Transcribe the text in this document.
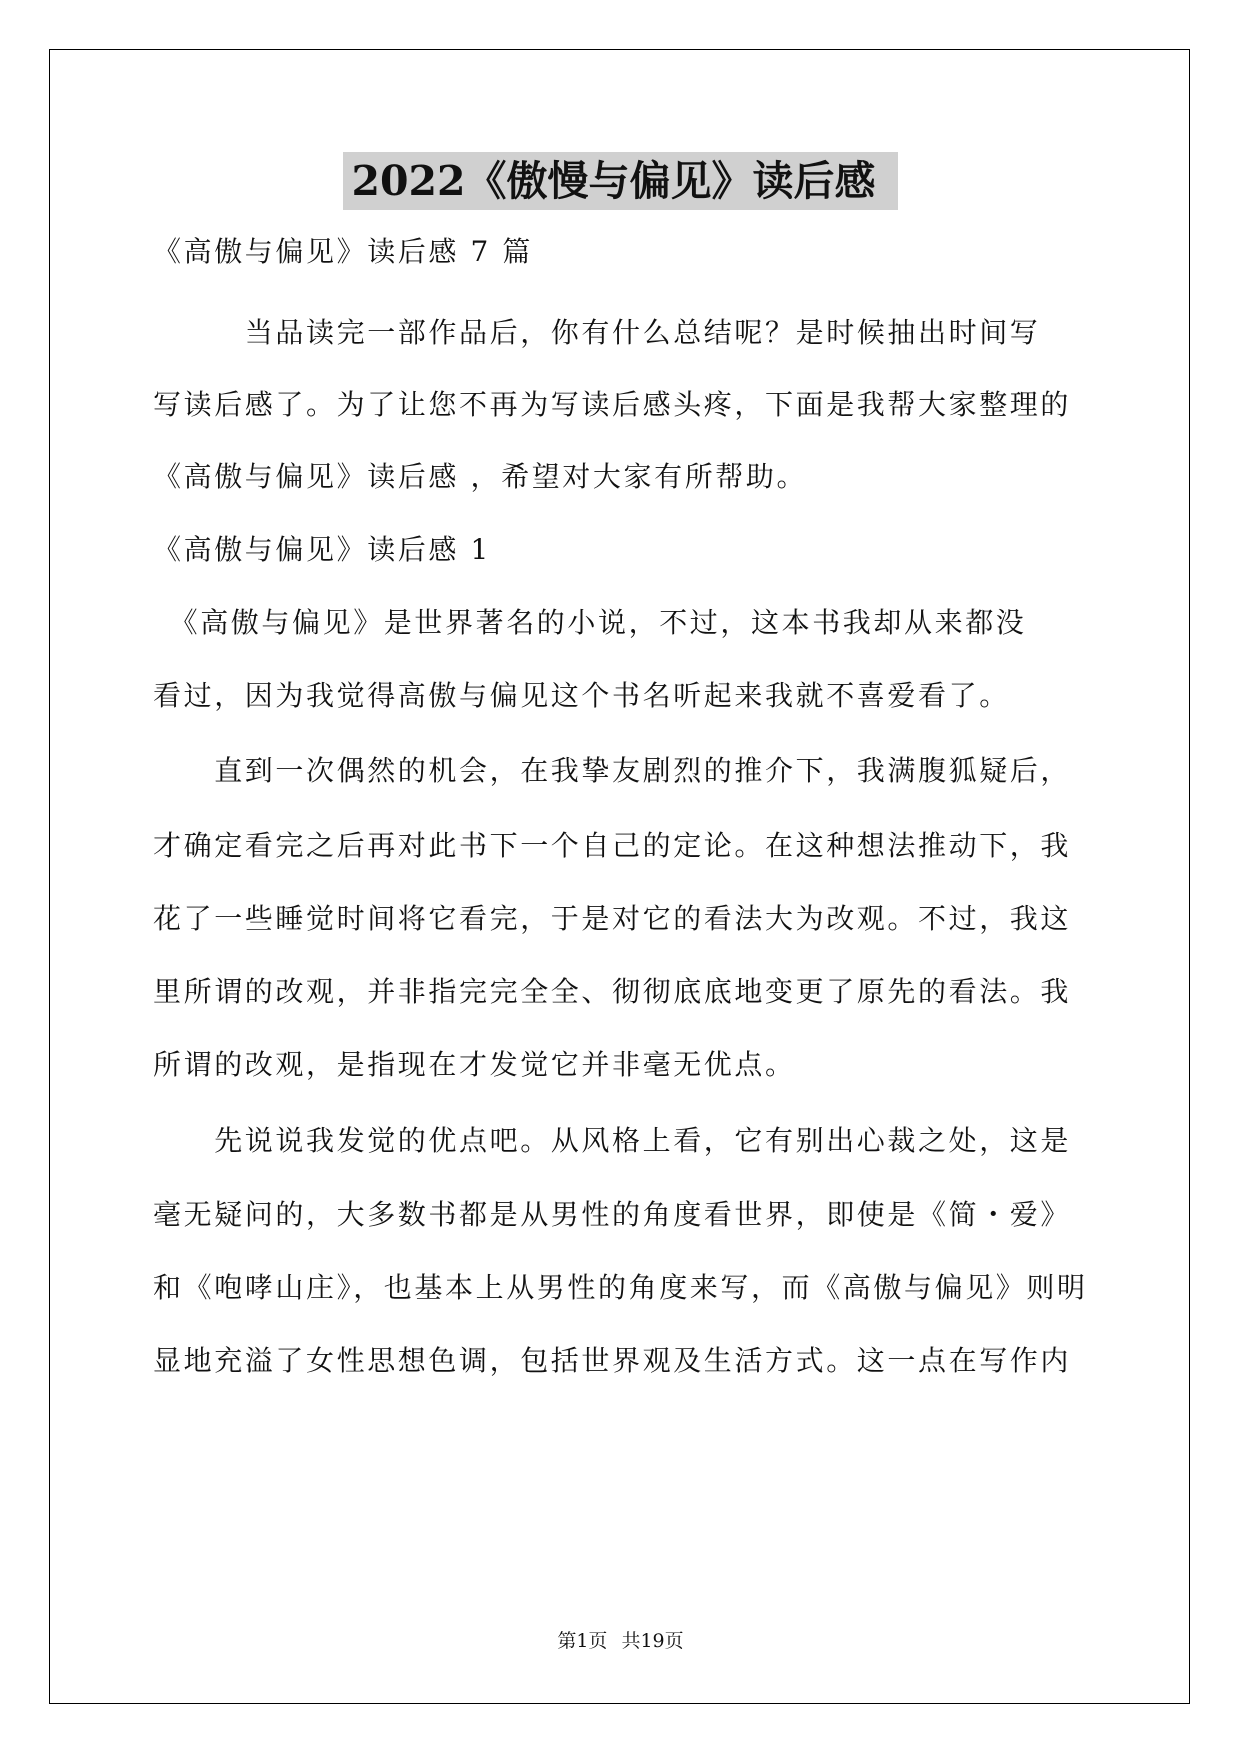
2022《傲慢与偏见》读后感
《高傲与偏见》读后感 7 篇
　　　当品读完一部作品后，你有什么总结呢？是时候抽出时间写
写读后感了。为了让您不再为写读后感头疼，下面是我帮大家整理的
《高傲与偏见》读后感 ，希望对大家有所帮助。
《高傲与偏见》读后感 1
　《高傲与偏见》是世界著名的小说，不过，这本书我却从来都没
看过，因为我觉得高傲与偏见这个书名听起来我就不喜爱看了。
　　直到一次偶然的机会，在我挚友剧烈的推介下，我满腹狐疑后，
才确定看完之后再对此书下一个自己的定论。在这种想法推动下，我
花了一些睡觉时间将它看完，于是对它的看法大为改观。不过，我这
里所谓的改观，并非指完完全全、彻彻底底地变更了原先的看法。我
所谓的改观，是指现在才发觉它并非毫无优点。
　　先说说我发觉的优点吧。从风格上看，它有别出心裁之处，这是
毫无疑问的，大多数书都是从男性的角度看世界，即使是《简・爱》
和《咆哮山庄》，也基本上从男性的角度来写，而《高傲与偏见》则明
显地充溢了女性思想色调，包括世界观及生活方式。这一点在写作内
第1页 共19页
